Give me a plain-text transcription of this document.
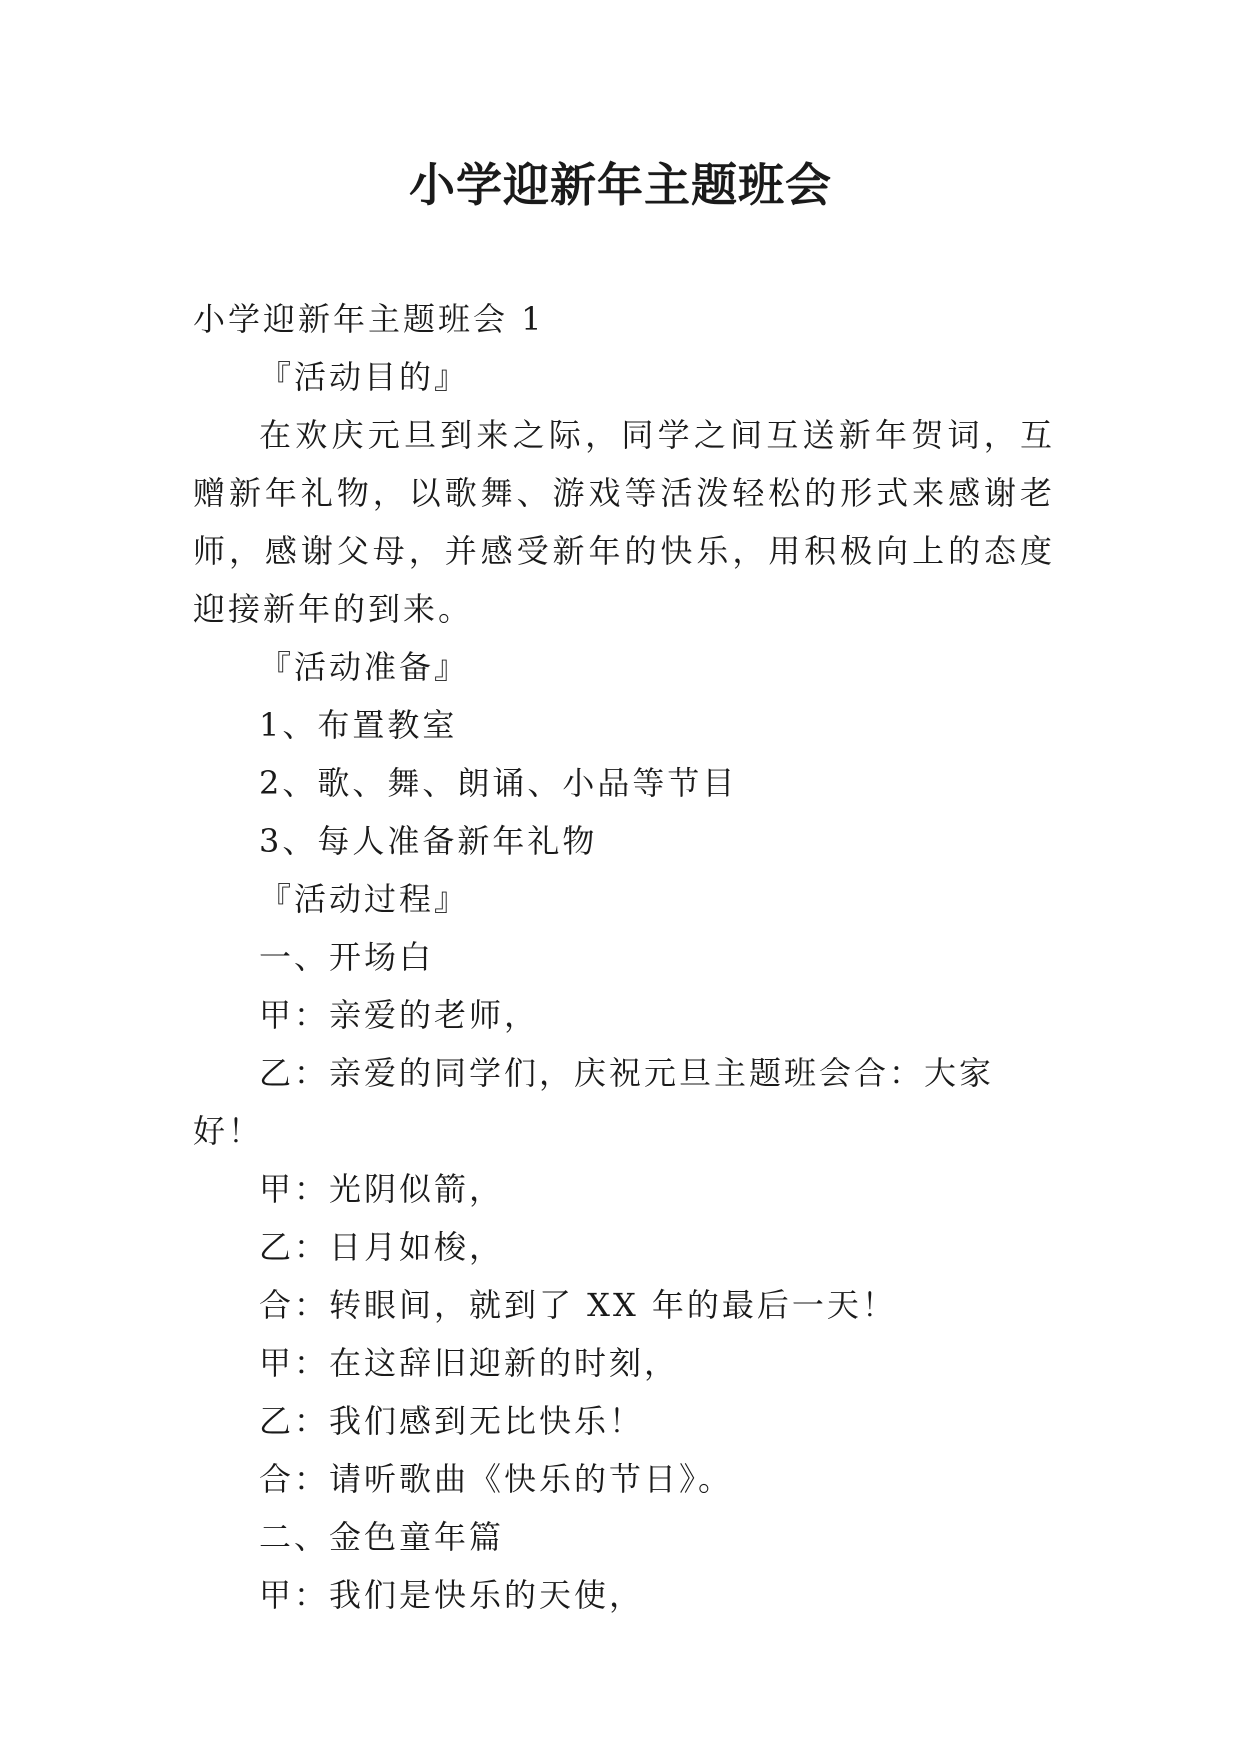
小学迎新年主题班会

小学迎新年主题班会 1

『活动目的』

在欢庆元旦到来之际，同学之间互送新年贺词，互赠新年礼物，以歌舞、游戏等活泼轻松的形式来感谢老师，感谢父母，并感受新年的快乐，用积极向上的态度迎接新年的到来。

『活动准备』

1、布置教室

2、歌、舞、朗诵、小品等节目

3、每人准备新年礼物

『活动过程』

一、开场白

甲：亲爱的老师，

乙：亲爱的同学们，庆祝元旦主题班会合：大家好！

甲：光阴似箭，

乙：日月如梭，

合：转眼间，就到了 XX 年的最后一天！

甲：在这辞旧迎新的时刻，

乙：我们感到无比快乐！

合：请听歌曲《快乐的节日》。

二、金色童年篇

甲：我们是快乐的天使，
